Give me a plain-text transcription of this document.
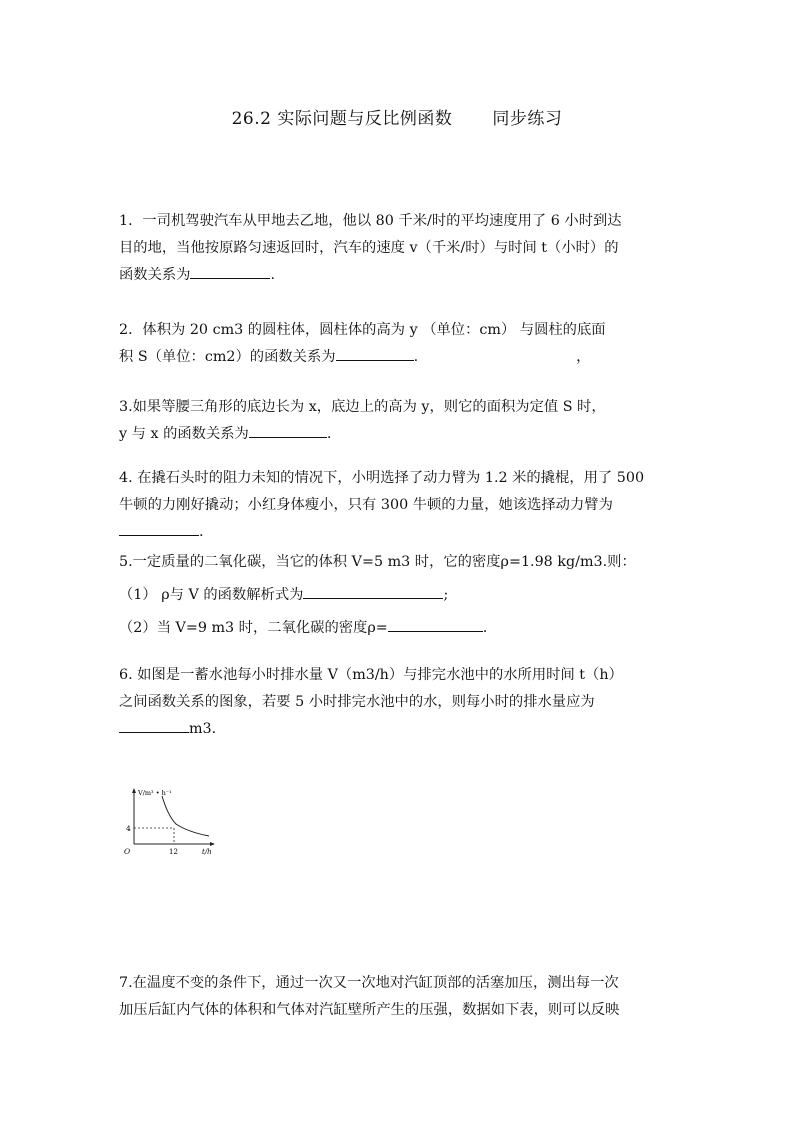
26.2 实际问题与反比例函数 同步练习
1．一司机驾驶汽车从甲地去乙地，他以 80 千米/时的平均速度用了 6 小时到达
目的地，当他按原路匀速返回时，汽车的速度 v（千米/时）与时间 t（小时）的
函数关系为	.
2．体积为 20 cm3 的圆柱体，圆柱体的高为 y （单位：cm） 与圆柱的底面
积 S（单位：cm2）的函数关系为	.	，
3.如果等腰三角形的底边长为 x，底边上的高为 y，则它的面积为定值 S 时，
y 与 x 的函数关系为	.
4. 在撬石头时的阻力未知的情况下，小明选择了动力臂为 1.2 米的撬棍，用了 500
牛顿的力刚好撬动；小红身体瘦小，只有 300 牛顿的力量，她该选择动力臂为
.
5.一定质量的二氧化碳，当它的体积 V=5 m3 时，它的密度ρ=1.98 kg/m3.则：
（1） ρ与 V 的函数解析式为	;
（2）当 V=9 m3 时，二氧化碳的密度ρ=	.
6. 如图是一蓄水池每小时排水量 V（m3/h）与排完水池中的水所用时间 t（h）
之间函数关系的图象，若要 5 小时排完水池中的水，则每小时的排水量应为
m3.
V/m³ • h⁻¹
t/h
O
4
12
7.在温度不变的条件下，通过一次又一次地对汽缸顶部的活塞加压，测出每一次
加压后缸内气体的体积和气体对汽缸壁所产生的压强，数据如下表，则可以反映
